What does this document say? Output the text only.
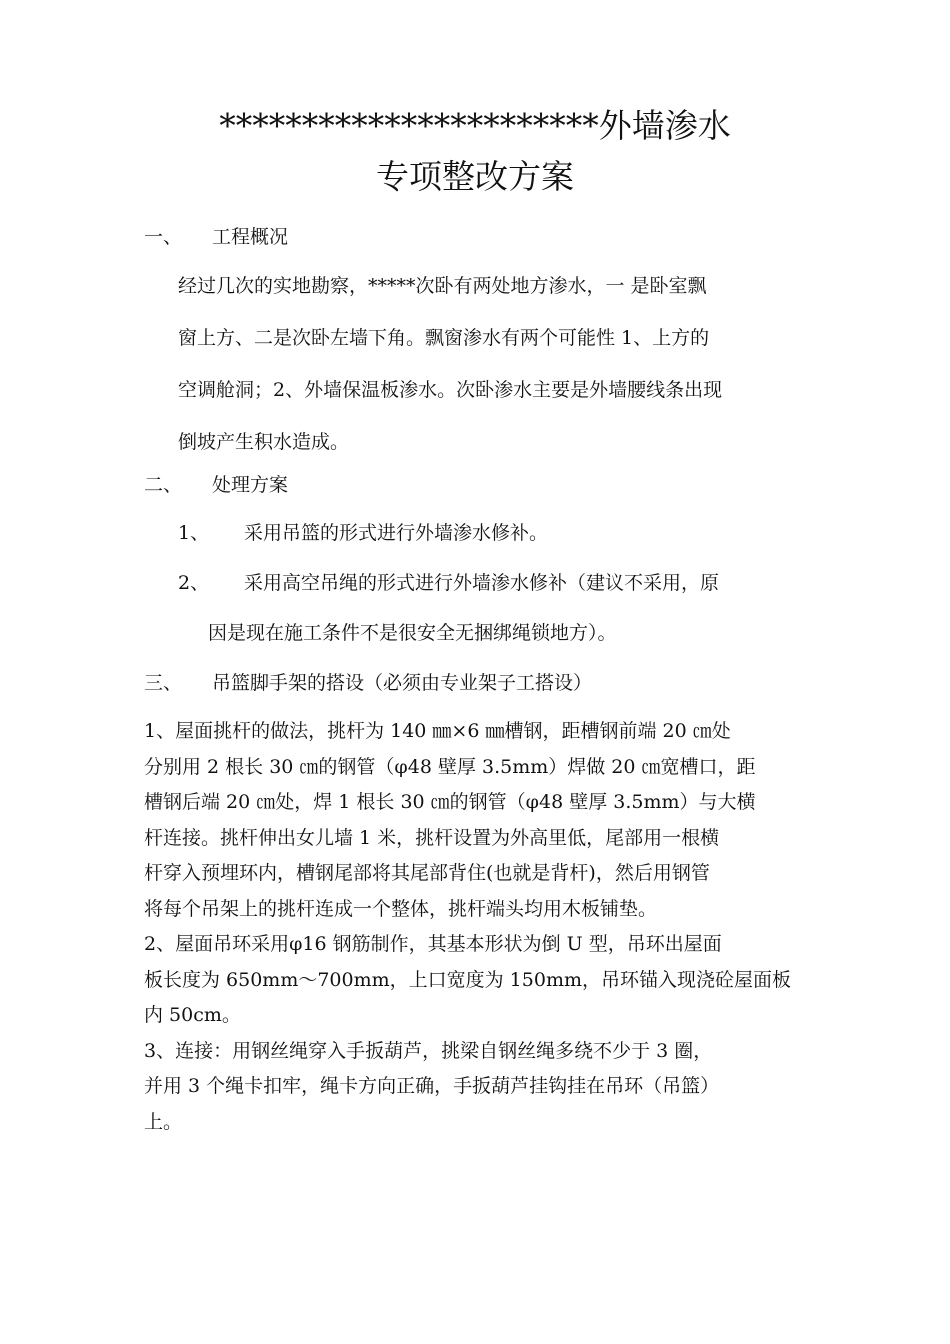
***********************外墙渗水
专项整改方案
一、 工程概况
经过几次的实地勘察，*****次卧有两处地方渗水，一 是卧室飘
窗上方、二是次卧左墙下角。飘窗渗水有两个可能性 1、上方的
空调舱洞；2、外墙保温板渗水。次卧渗水主要是外墙腰线条出现
倒坡产生积水造成。
二、 处理方案
1、 采用吊篮的形式进行外墙渗水修补。
2、 采用高空吊绳的形式进行外墙渗水修补（建议不采用，原
因是现在施工条件不是很安全无捆绑绳锁地方）。
三、 吊篮脚手架的搭设（必须由专业架子工搭设）
1、屋面挑杆的做法，挑杆为 140 ㎜×6 ㎜槽钢，距槽钢前端 20 ㎝处
分别用 2 根长 30 ㎝的钢管（φ48 壁厚 3.5mm）焊做 20 ㎝宽槽口，距
槽钢后端 20 ㎝处，焊 1 根长 30 ㎝的钢管（φ48 壁厚 3.5mm）与大横
杆连接。挑杆伸出女儿墙 1 米，挑杆设置为外高里低，尾部用一根横
杆穿入预埋环内，槽钢尾部将其尾部背住(也就是背杆)，然后用钢管
将每个吊架上的挑杆连成一个整体，挑杆端头均用木板铺垫。
2、屋面吊环采用φ16 钢筋制作，其基本形状为倒 U 型，吊环出屋面
板长度为 650mm～700mm，上口宽度为 150mm，吊环锚入现浇砼屋面板
内 50cm。
3、连接：用钢丝绳穿入手扳葫芦，挑梁自钢丝绳多绕不少于 3 圈，
并用 3 个绳卡扣牢，绳卡方向正确，手扳葫芦挂钩挂在吊环（吊篮）
上。
